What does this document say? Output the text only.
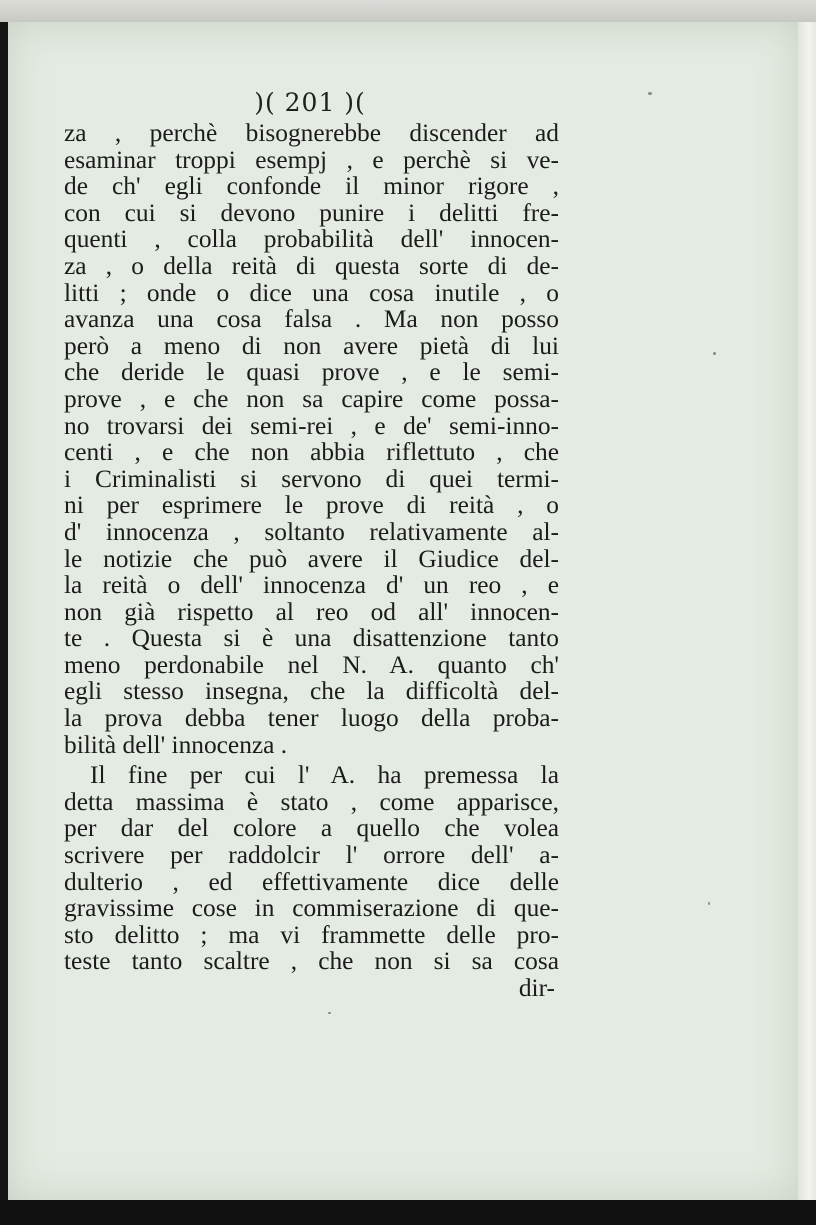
)( 201 )(
za , perchè bisognerebbe discender ad
esaminar troppi esempj , e perchè si ve-
de ch' egli confonde il minor rigore ,
con cui si devono punire i delitti fre-
quenti , colla probabilità dell' innocen-
za , o della reità di questa sorte di de-
litti ; onde o dice una cosa inutile , o
avanza una cosa falsa . Ma non posso
però a meno di non avere pietà di lui
che deride le quasi prove , e le semi-
prove , e che non sa capire come possa-
no trovarsi dei semi-rei , e de' semi-inno-
centi , e che non abbia riflettuto , che
i Criminalisti si servono di quei termi-
ni per esprimere le prove di reità , o
d' innocenza , soltanto relativamente al-
le notizie che può avere il Giudice del-
la reità o dell' innocenza d' un reo , e
non già rispetto al reo od all' innocen-
te . Questa si è una disattenzione tanto
meno perdonabile nel N. A. quanto ch'
egli stesso insegna, che la difficoltà del-
la prova debba tener luogo della proba-
bilità dell' innocenza .
Il fine per cui l' A. ha premessa la
detta massima è stato , come apparisce,
per dar del colore a quello che volea
scrivere per raddolcir l' orrore dell' a-
dulterio , ed effettivamente dice delle
gravissime cose in commiserazione di que-
sto delitto ; ma vi frammette delle pro-
teste tanto scaltre , che non si sa cosa
dir-
